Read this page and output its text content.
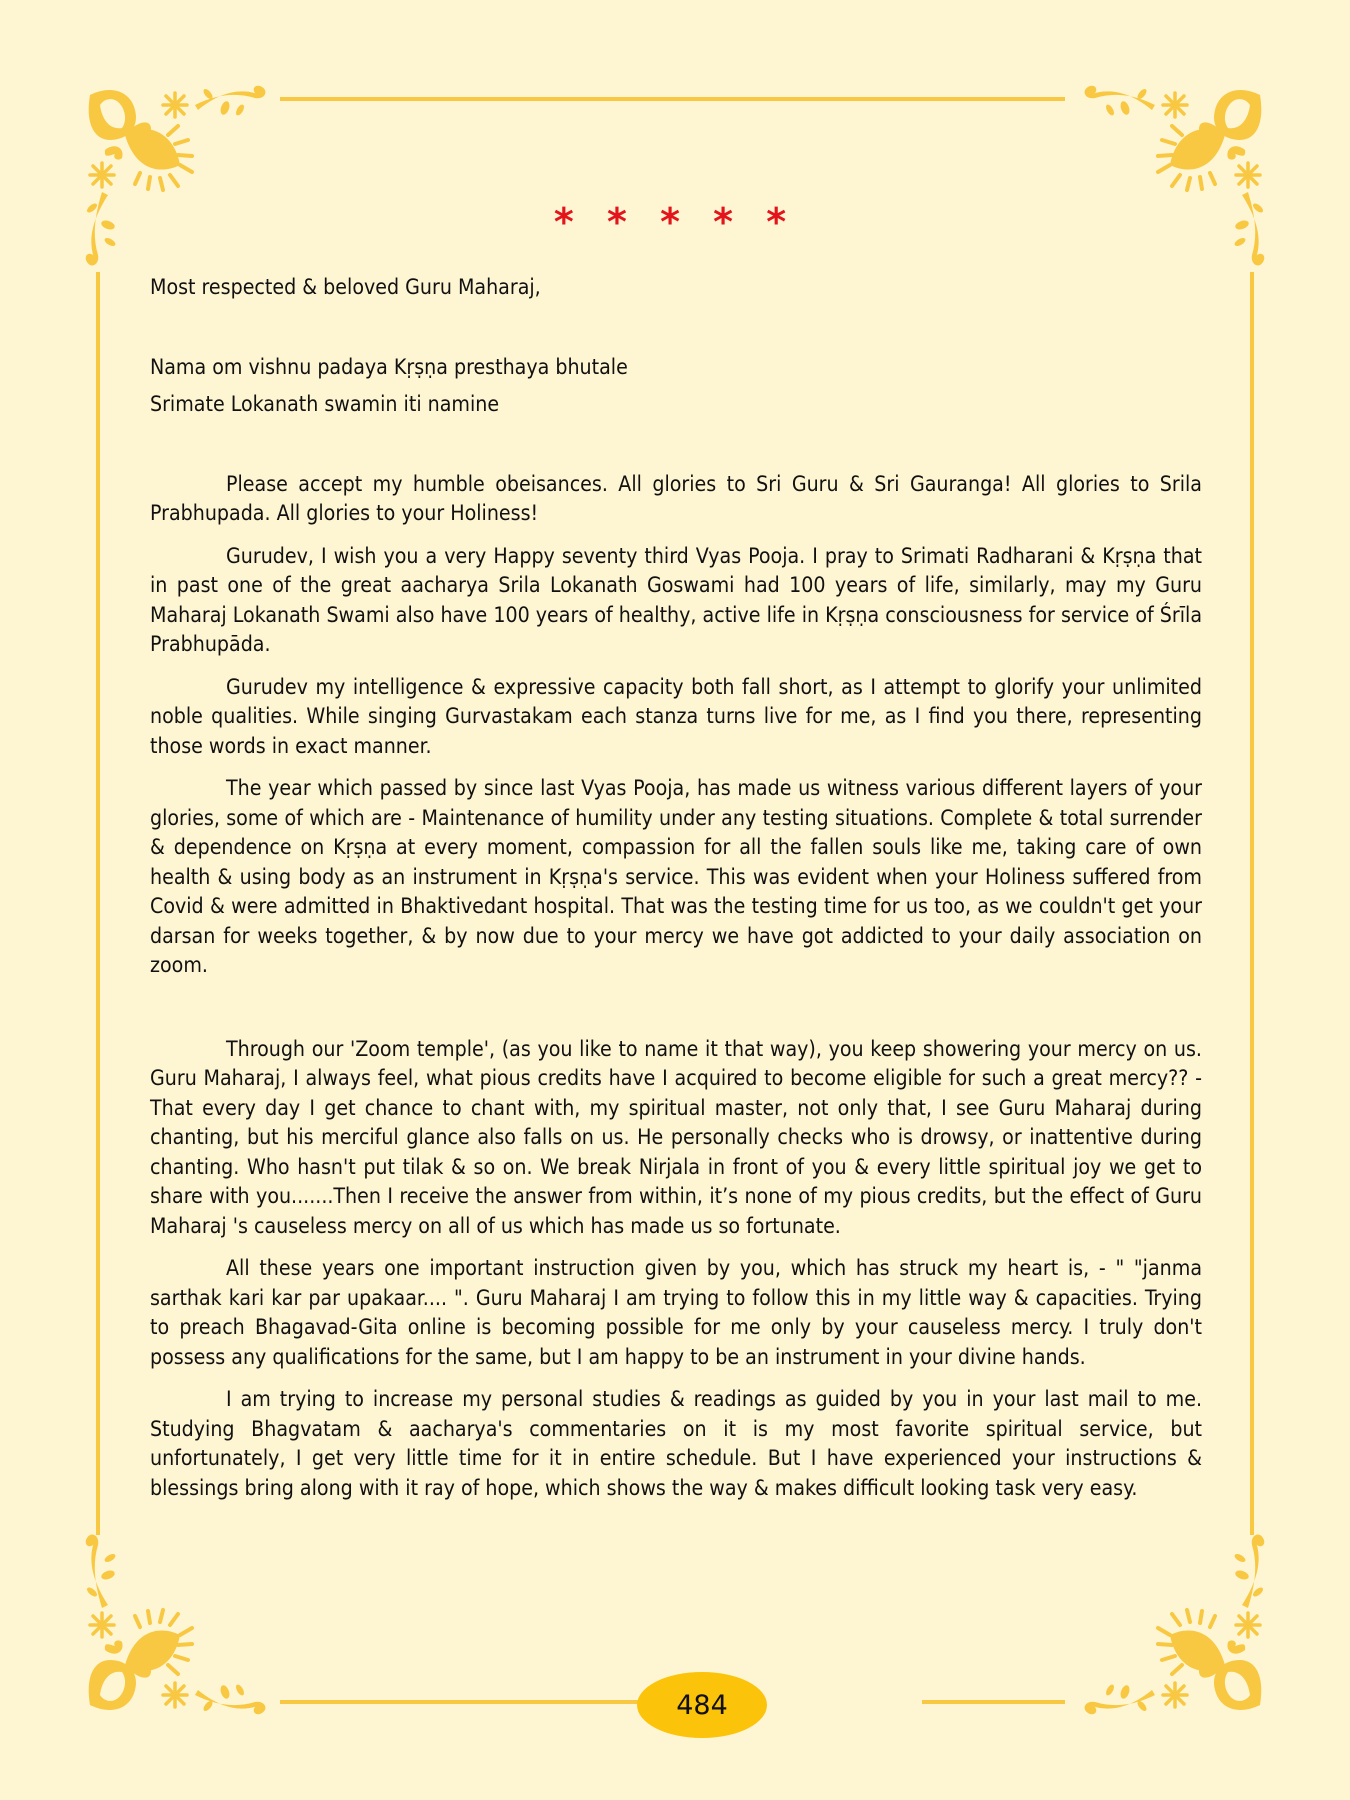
* * * * *

Most respected & beloved Guru Maharaj,

Nama om vishnu padaya Kṛṣṇa presthaya bhutale

Srimate Lokanath swamin iti namine

Please accept my humble obeisances. All glories to Sri Guru & Sri Gauranga! All glories to Srila Prabhupada. All glories to your Holiness!

Gurudev, I wish you a very Happy seventy third Vyas Pooja. I pray to Srimati Radharani & Kṛṣṇa that in past one of the great aacharya Srila Lokanath Goswami had 100 years of life, similarly, may my Guru Maharaj Lokanath Swami also have 100 years of healthy, active life in Kṛṣṇa consciousness for service of Śrīla Prabhupāda.

Gurudev my intelligence & expressive capacity both fall short, as I attempt to glorify your unlimited noble qualities. While singing Gurvastakam each stanza turns live for me, as I find you there, representing those words in exact manner.

The year which passed by since last Vyas Pooja, has made us witness various different layers of your glories, some of which are - Maintenance of humility under any testing situations. Complete & total surrender & dependence on Kṛṣṇa at every moment, compassion for all the fallen souls like me, taking care of own health & using body as an instrument in Kṛṣṇa's service. This was evident when your Holiness suffered from Covid & were admitted in Bhaktivedant hospital. That was the testing time for us too, as we couldn't get your darsan for weeks together, & by now due to your mercy we have got addicted to your daily association on zoom.

Through our 'Zoom temple', (as you like to name it that way), you keep showering your mercy on us. Guru Maharaj, I always feel, what pious credits have I acquired to become eligible for such a great mercy?? - That every day I get chance to chant with, my spiritual master, not only that, I see Guru Maharaj during chanting, but his merciful glance also falls on us. He personally checks who is drowsy, or inattentive during chanting. Who hasn't put tilak & so on. We break Nirjala in front of you & every little spiritual joy we get to share with you.......Then I receive the answer from within, it’s none of my pious credits, but the effect of Guru Maharaj 's causeless mercy on all of us which has made us so fortunate.

All these years one important instruction given by you, which has struck my heart is, - " "janma sarthak kari kar par upakaar.... ". Guru Maharaj I am trying to follow this in my little way & capacities. Trying to preach Bhagavad-Gita online is becoming possible for me only by your causeless mercy. I truly don't possess any qualifications for the same, but I am happy to be an instrument in your divine hands.

I am trying to increase my personal studies & readings as guided by you in your last mail to me. Studying Bhagvatam & aacharya's commentaries on it is my most favorite spiritual service, but unfortunately, I get very little time for it in entire schedule. But I have experienced your instructions & blessings bring along with it ray of hope, which shows the way & makes difficult looking task very easy.

484
